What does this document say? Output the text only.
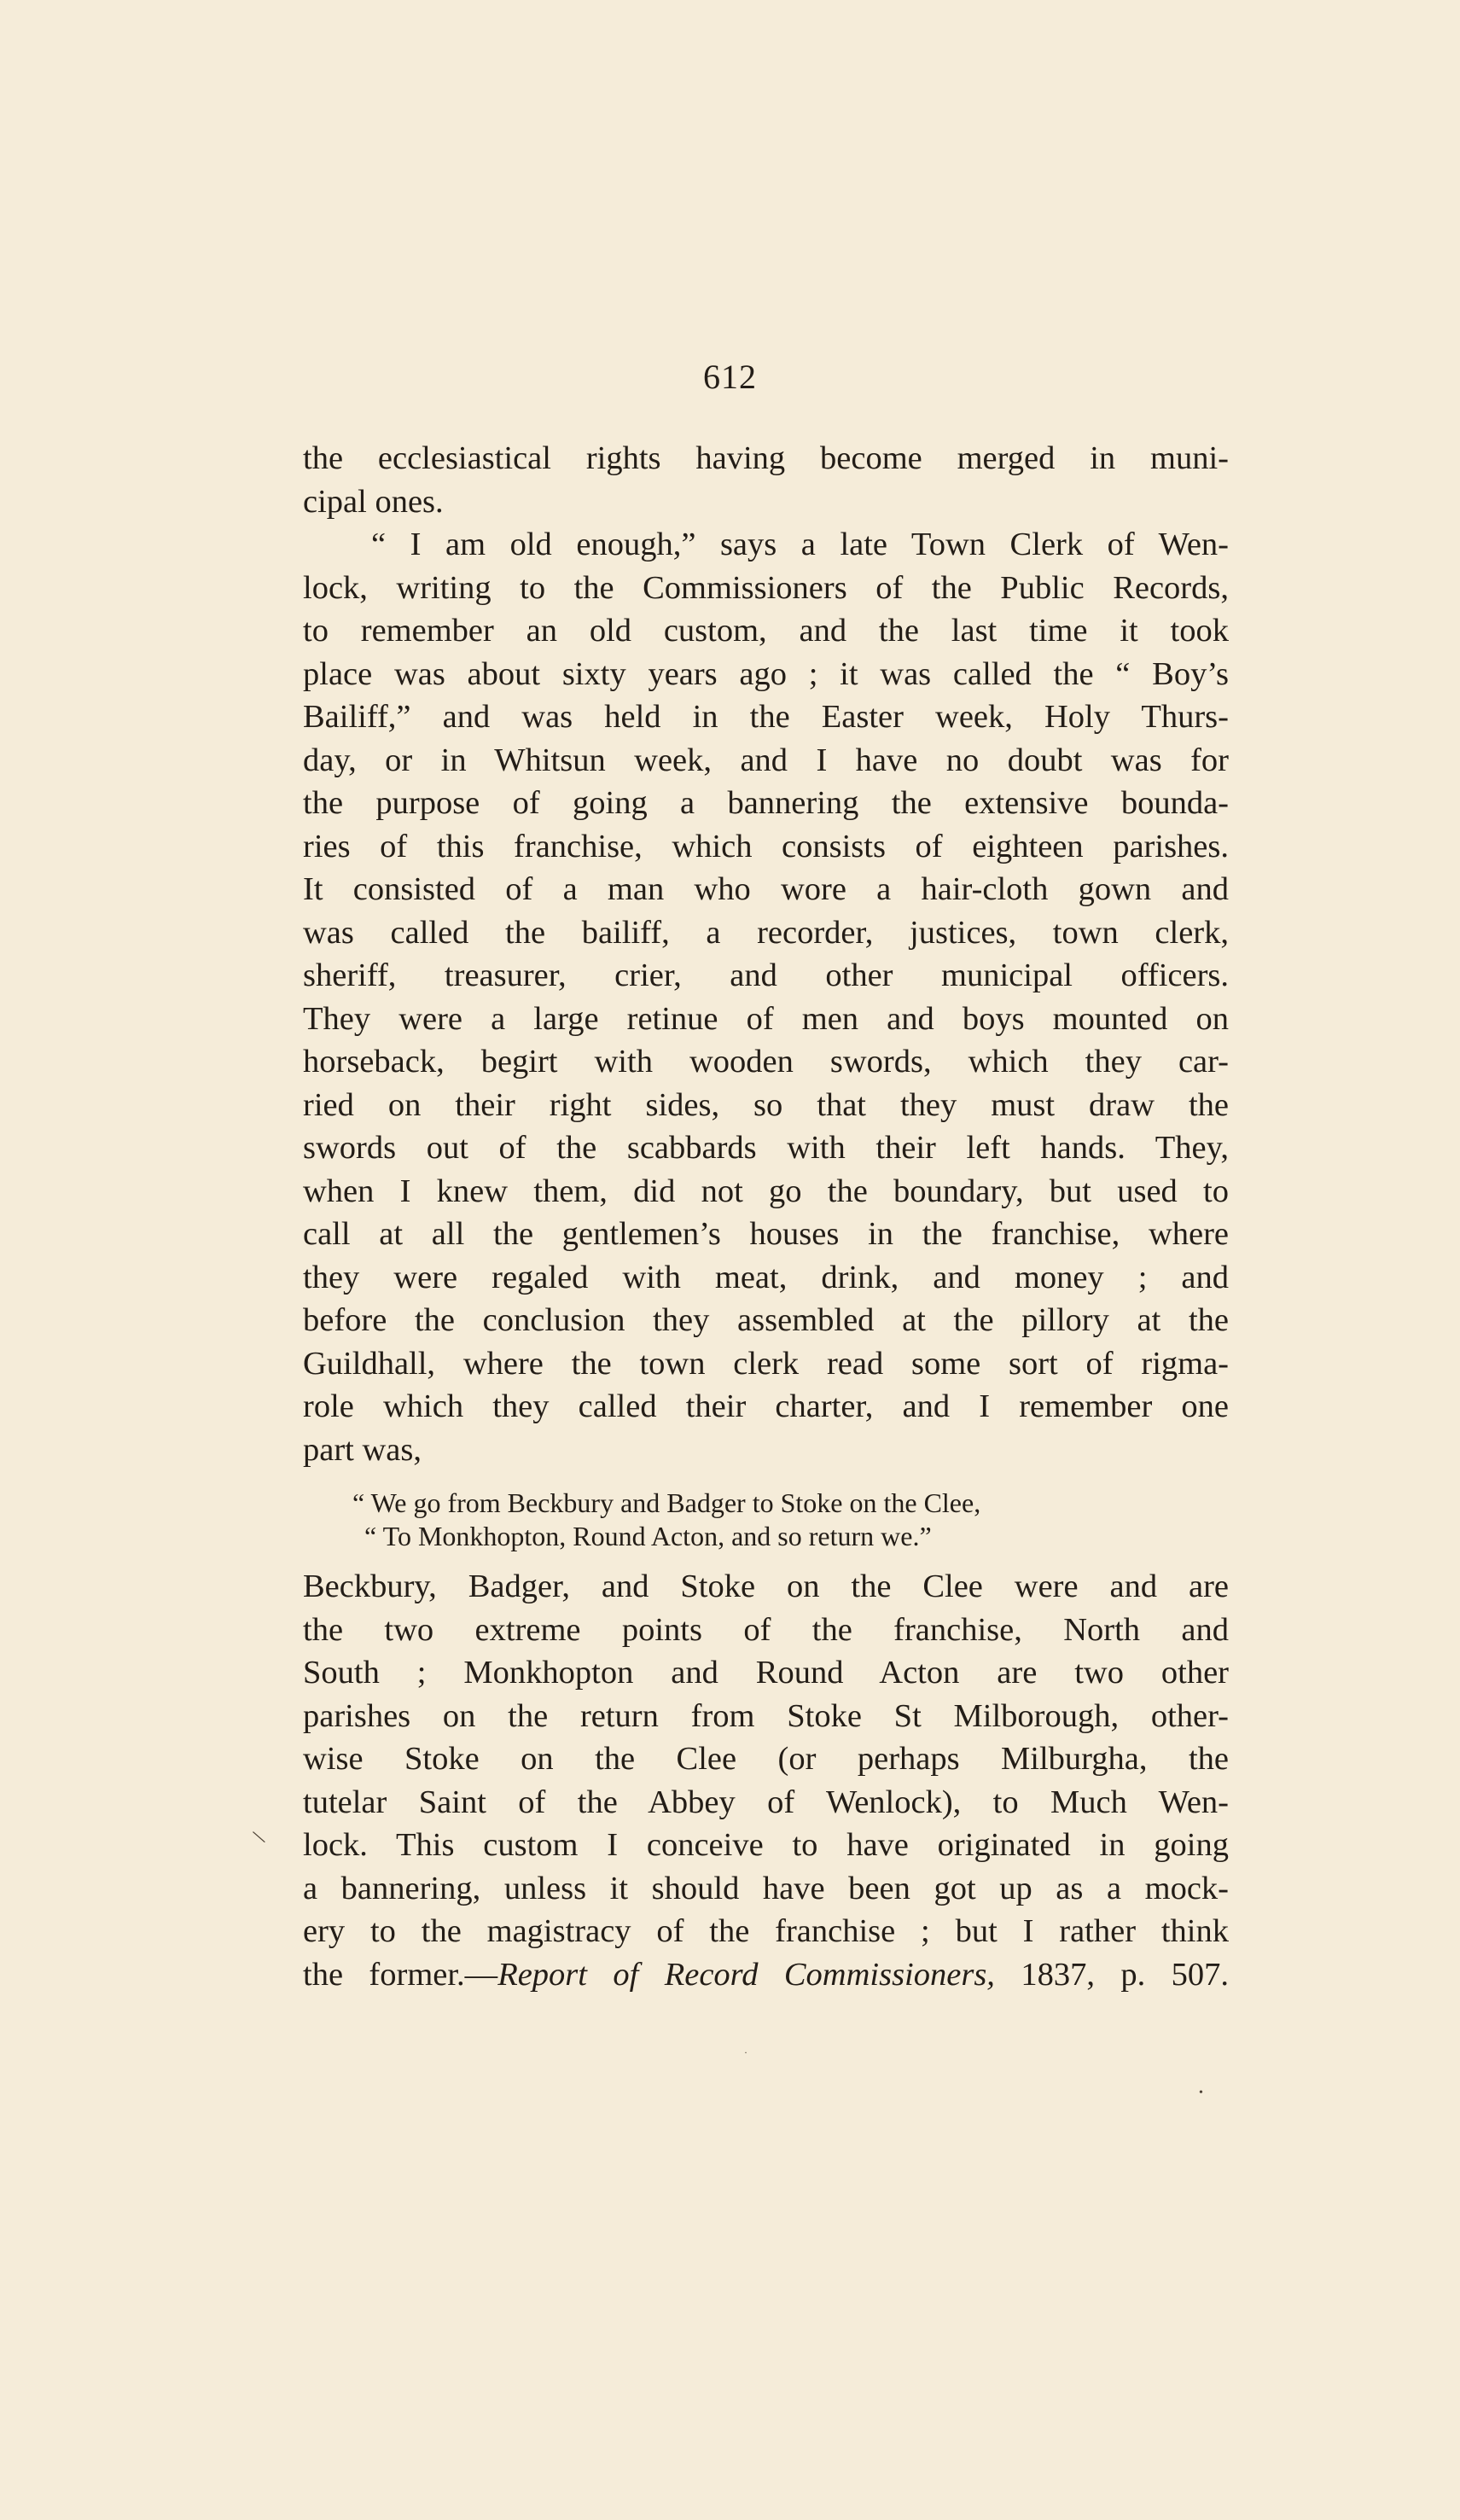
612
the ecclesiastical rights having become merged in muni-
cipal ones.
“ I am old enough,” says a late Town Clerk of Wen-
lock, writing to the Commissioners of the Public Records,
to remember an old custom, and the last time it took
place was about sixty years ago ; it was called the “ Boy’s
Bailiff,” and was held in the Easter week, Holy Thurs-
day, or in Whitsun week, and I have no doubt was for
the purpose of going a bannering the extensive bounda-
ries of this franchise, which consists of eighteen parishes.
It consisted of a man who wore a hair-cloth gown and
was called the bailiff, a recorder, justices, town clerk,
sheriff, treasurer, crier, and other municipal officers.
They were a large retinue of men and boys mounted on
horseback, begirt with wooden swords, which they car-
ried on their right sides, so that they must draw the
swords out of the scabbards with their left hands. They,
when I knew them, did not go the boundary, but used to
call at all the gentlemen’s houses in the franchise, where
they were regaled with meat, drink, and money ; and
before the conclusion they assembled at the pillory at the
Guildhall, where the town clerk read some sort of rigma-
role which they called their charter, and I remember one
part was,
“ We go from Beckbury and Badger to Stoke on the Clee,
“ To Monkhopton, Round Acton, and so return we.”
Beckbury, Badger, and Stoke on the Clee were and are
the two extreme points of the franchise, North and
South ; Monkhopton and Round Acton are two other
parishes on the return from Stoke St Milborough, other-
wise Stoke on the Clee (or perhaps Milburgha, the
tutelar Saint of the Abbey of Wenlock), to Much Wen-
lock. This custom I conceive to have originated in going
a bannering, unless it should have been got up as a mock-
ery to the magistracy of the franchise ; but I rather think
the former.—Report of Record Commissioners, 1837, p. 507.
\
·
•
